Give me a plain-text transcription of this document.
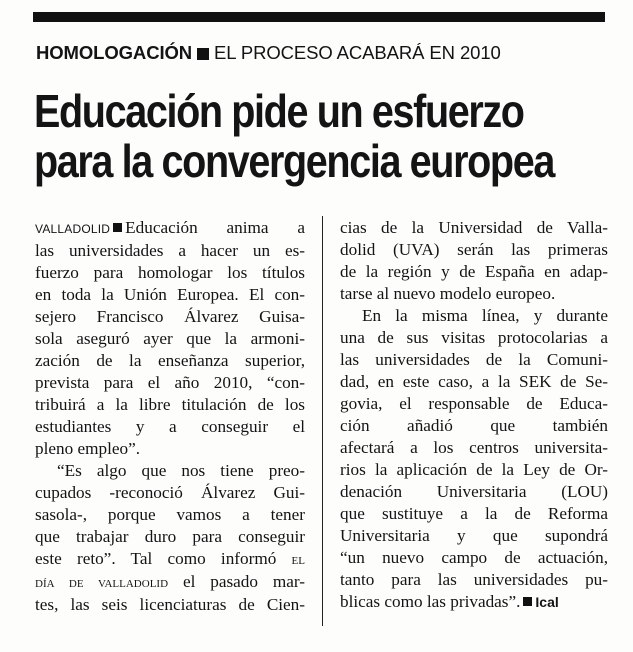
HOMOLOGACIÓN EL PROCESO ACABARÁ EN 2010
Educación pide un esfuerzo
para la convergencia europea

VALLADOLID Educación anima a
las universidades a hacer un es-
fuerzo para homologar los títulos
en toda la Unión Europea. El con-
sejero Francisco Álvarez Guisa-
sola aseguró ayer que la armoni-
zación de la enseñanza superior,
prevista para el año 2010, “con-
tribuirá a la libre titulación de los
estudiantes y a conseguir el
pleno empleo”.

“Es algo que nos tiene preo-
cupados -reconoció Álvarez Gui-
sasola-, porque vamos a tener
que trabajar duro para conseguir
este reto”. Tal como informó el
día de valladolid el pasado mar-
tes, las seis licenciaturas de Cien-

cias de la Universidad de Valla-
dolid (UVA) serán las primeras
de la región y de España en adap-
tarse al nuevo modelo europeo.

En la misma línea, y durante
una de sus visitas protocolarias a
las universidades de la Comuni-
dad, en este caso, a la SEK de Se-
govia, el responsable de Educa-
ción añadió que también
afectará a los centros universita-
rios la aplicación de la Ley de Or-
denación Universitaria (LOU)
que sustituye a la de Reforma
Universitaria y que supondrá
“un nuevo campo de actuación,
tanto para las universidades pu-
blicas como las privadas”. Ical
